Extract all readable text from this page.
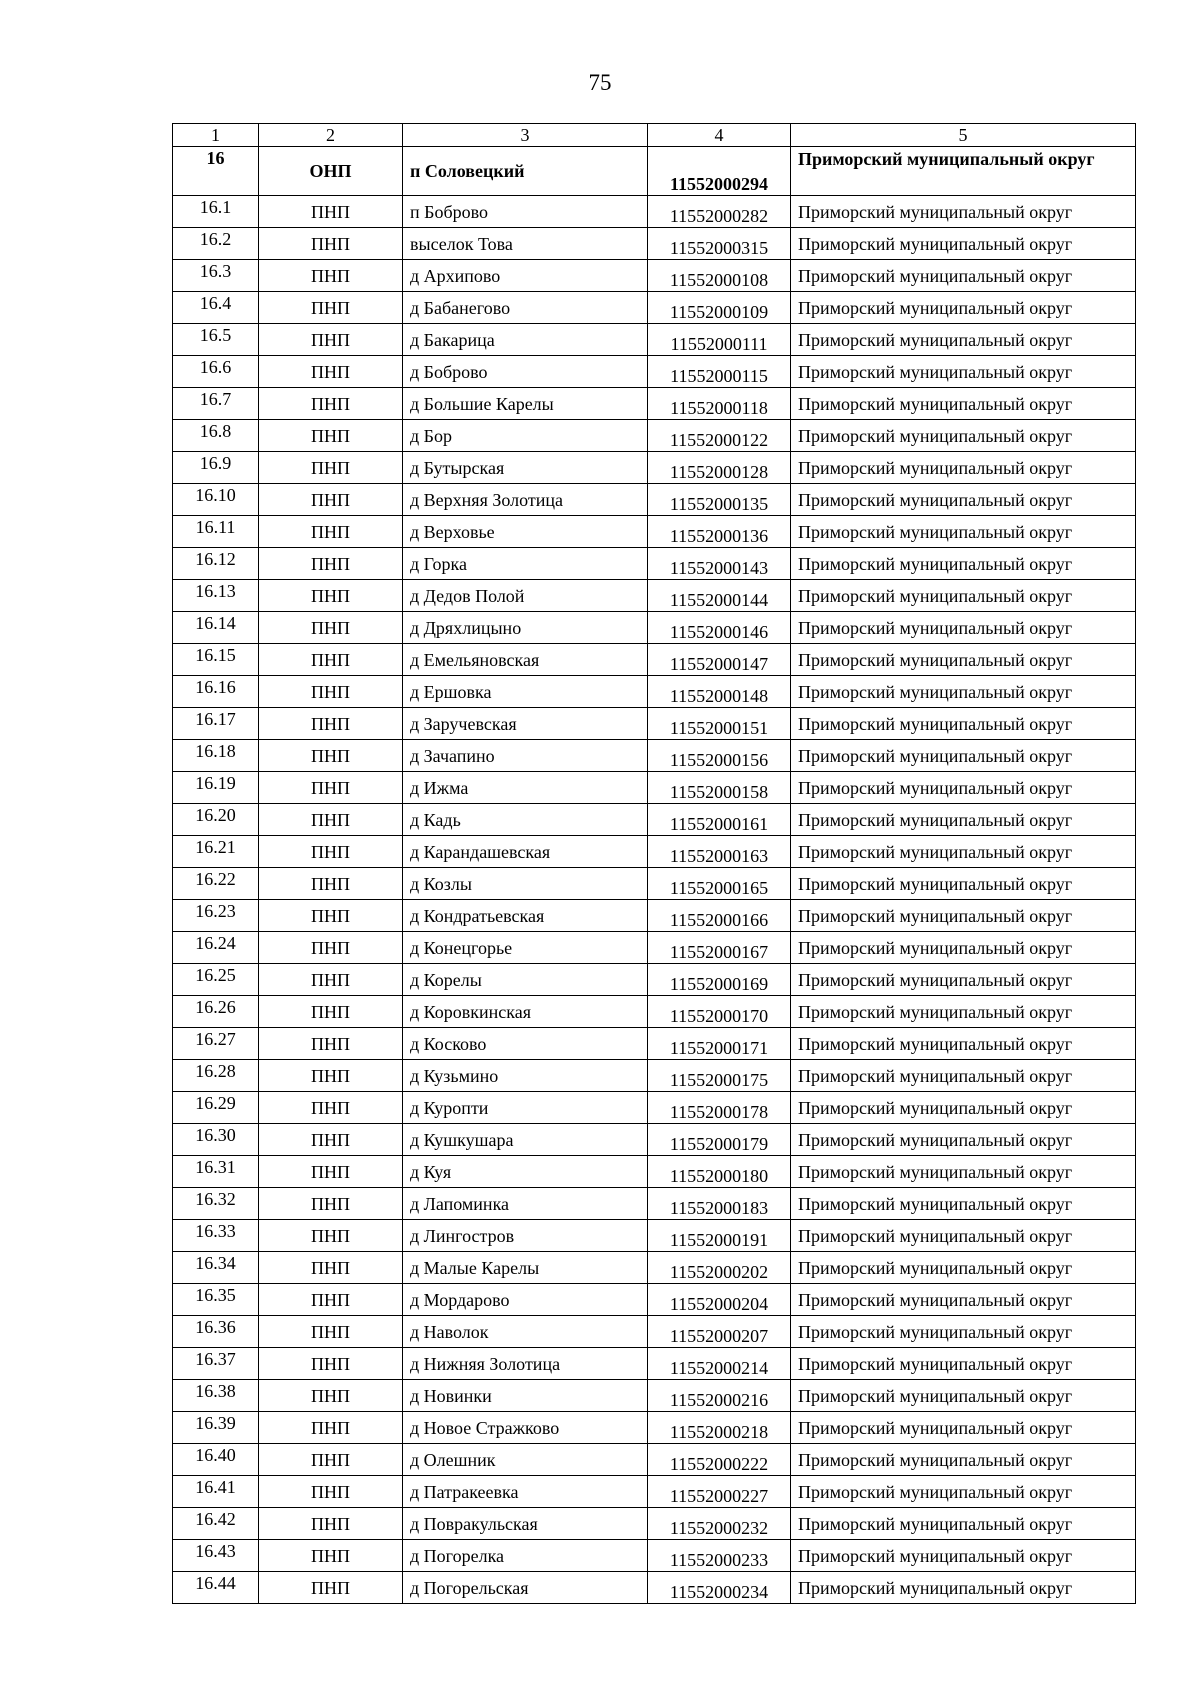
75
1	2	3	4	5
16	ОНП	п Соловецкий	11552000294	Приморский муниципальный округ
16.1	ПНП	п Боброво	11552000282	Приморский муниципальный округ
16.2	ПНП	выселок Това	11552000315	Приморский муниципальный округ
16.3	ПНП	д Архипово	11552000108	Приморский муниципальный округ
16.4	ПНП	д Бабанегово	11552000109	Приморский муниципальный округ
16.5	ПНП	д Бакарица	11552000111	Приморский муниципальный округ
16.6	ПНП	д Боброво	11552000115	Приморский муниципальный округ
16.7	ПНП	д Большие Карелы	11552000118	Приморский муниципальный округ
16.8	ПНП	д Бор	11552000122	Приморский муниципальный округ
16.9	ПНП	д Бутырская	11552000128	Приморский муниципальный округ
16.10	ПНП	д Верхняя Золотица	11552000135	Приморский муниципальный округ
16.11	ПНП	д Верховье	11552000136	Приморский муниципальный округ
16.12	ПНП	д Горка	11552000143	Приморский муниципальный округ
16.13	ПНП	д Дедов Полой	11552000144	Приморский муниципальный округ
16.14	ПНП	д Дряхлицыно	11552000146	Приморский муниципальный округ
16.15	ПНП	д Емельяновская	11552000147	Приморский муниципальный округ
16.16	ПНП	д Ершовка	11552000148	Приморский муниципальный округ
16.17	ПНП	д Заручевская	11552000151	Приморский муниципальный округ
16.18	ПНП	д Зачапино	11552000156	Приморский муниципальный округ
16.19	ПНП	д Ижма	11552000158	Приморский муниципальный округ
16.20	ПНП	д Кадь	11552000161	Приморский муниципальный округ
16.21	ПНП	д Карандашевская	11552000163	Приморский муниципальный округ
16.22	ПНП	д Козлы	11552000165	Приморский муниципальный округ
16.23	ПНП	д Кондратьевская	11552000166	Приморский муниципальный округ
16.24	ПНП	д Конецгорье	11552000167	Приморский муниципальный округ
16.25	ПНП	д Корелы	11552000169	Приморский муниципальный округ
16.26	ПНП	д Коровкинская	11552000170	Приморский муниципальный округ
16.27	ПНП	д Косково	11552000171	Приморский муниципальный округ
16.28	ПНП	д Кузьмино	11552000175	Приморский муниципальный округ
16.29	ПНП	д Куропти	11552000178	Приморский муниципальный округ
16.30	ПНП	д Кушкушара	11552000179	Приморский муниципальный округ
16.31	ПНП	д Куя	11552000180	Приморский муниципальный округ
16.32	ПНП	д Лапоминка	11552000183	Приморский муниципальный округ
16.33	ПНП	д Лингостров	11552000191	Приморский муниципальный округ
16.34	ПНП	д Малые Карелы	11552000202	Приморский муниципальный округ
16.35	ПНП	д Мордарово	11552000204	Приморский муниципальный округ
16.36	ПНП	д Наволок	11552000207	Приморский муниципальный округ
16.37	ПНП	д Нижняя Золотица	11552000214	Приморский муниципальный округ
16.38	ПНП	д Новинки	11552000216	Приморский муниципальный округ
16.39	ПНП	д Новое Стражково	11552000218	Приморский муниципальный округ
16.40	ПНП	д Олешник	11552000222	Приморский муниципальный округ
16.41	ПНП	д Патракеевка	11552000227	Приморский муниципальный округ
16.42	ПНП	д Повракульская	11552000232	Приморский муниципальный округ
16.43	ПНП	д Погорелка	11552000233	Приморский муниципальный округ
16.44	ПНП	д Погорельская	11552000234	Приморский муниципальный округ
